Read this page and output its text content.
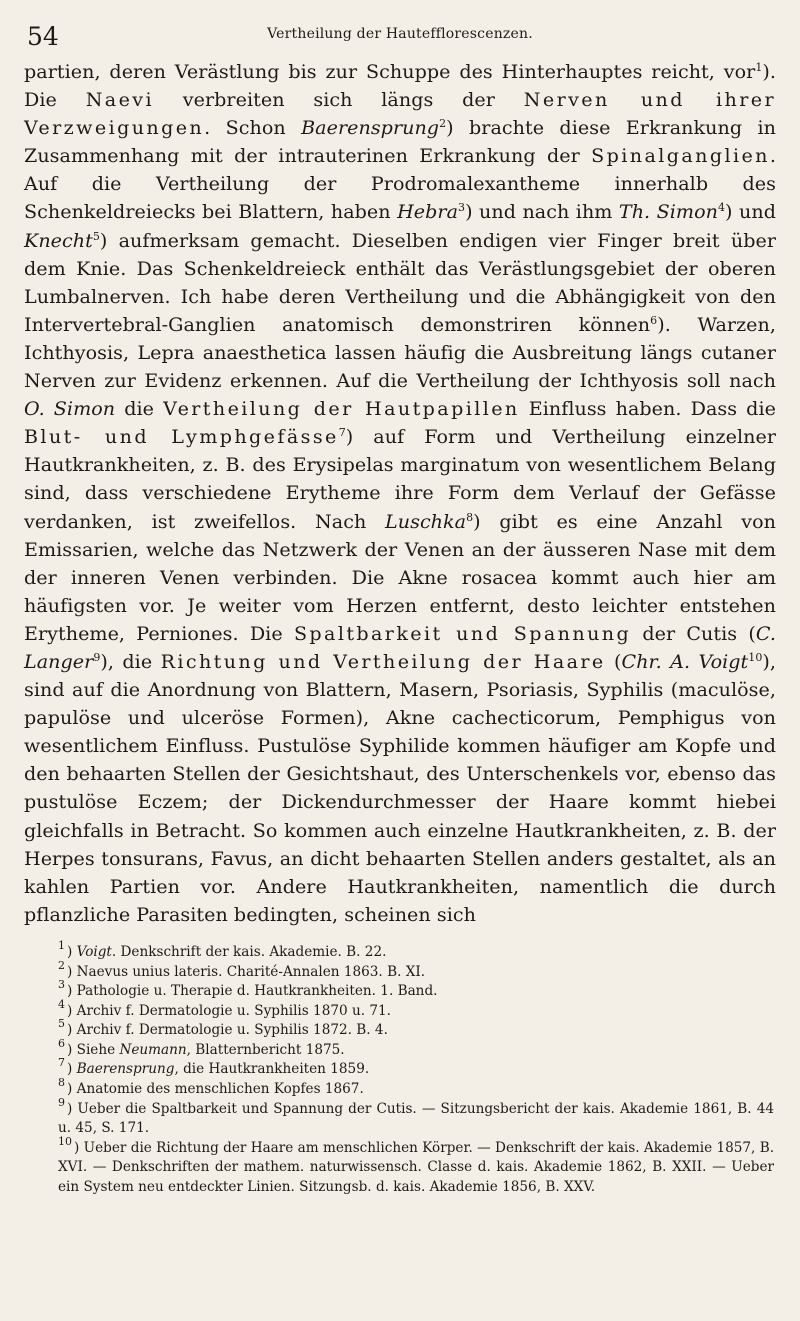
54	Vertheilung der Hautefflorescenzen.

partien, deren Verästlung bis zur Schuppe des Hinterhauptes reicht, vor$^1$). Die Naevi verbreiten sich längs der Nerven und ihrer Verzweigungen. Schon Baerensprung$^2$) brachte diese Erkrankung in Zusammenhang mit der intrauterinen Erkrankung der Spinalganglien. Auf die Vertheilung der Prodromalexantheme innerhalb des Schenkeldreiecks bei Blattern, haben Hebra$^3$) und nach ihm Th. Simon$^4$) und Knecht$^5$) aufmerksam gemacht. Dieselben endigen vier Finger breit über dem Knie. Das Schenkeldreieck enthält das Verästlungsgebiet der oberen Lumbalnerven. Ich habe deren Vertheilung und die Abhängigkeit von den Intervertebral-Ganglien anatomisch demonstriren können$^6$). Warzen, Ichthyosis, Lepra anaesthetica lassen häufig die Ausbreitung längs cutaner Nerven zur Evidenz erkennen. Auf die Vertheilung der Ichthyosis soll nach O. Simon die Vertheilung der Hautpapillen Einfluss haben. Dass die Blut- und Lymphgefässe$^7$) auf Form und Vertheilung einzelner Hautkrankheiten, z. B. des Erysipelas marginatum von wesentlichem Belang sind, dass verschiedene Erytheme ihre Form dem Verlauf der Gefässe verdanken, ist zweifellos. Nach Luschka$^8$) gibt es eine Anzahl von Emissarien, welche das Netzwerk der Venen an der äusseren Nase mit dem der inneren Venen verbinden. Die Akne rosacea kommt auch hier am häufigsten vor. Je weiter vom Herzen entfernt, desto leichter entstehen Erytheme, Perniones. Die Spaltbarkeit und Spannung der Cutis (C. Langer$^9$), die Richtung und Vertheilung der Haare (Chr. A. Voigt$^{10}$), sind auf die Anordnung von Blattern, Masern, Psoriasis, Syphilis (maculöse, papulöse und ulceröse Formen), Akne cachecticorum, Pemphigus von wesentlichem Einfluss. Pustulöse Syphilide kommen häufiger am Kopfe und den behaarten Stellen der Gesichtshaut, des Unterschenkels vor, ebenso das pustulöse Eczem; der Dickendurchmesser der Haare kommt hiebei gleichfalls in Betracht. So kommen auch einzelne Hautkrankheiten, z. B. der Herpes tonsurans, Favus, an dicht behaarten Stellen anders gestaltet, als an kahlen Partien vor. Andere Hautkrankheiten, namentlich die durch pflanzliche Parasiten bedingten, scheinen sich

$^1$ ) Voigt. Denkschrift der kais. Akademie. B. 22.

$^2$ ) Naevus unius lateris. Charité-Annalen 1863. B. XI.

$^3$ ) Pathologie u. Therapie d. Hautkrankheiten. 1. Band.

$^4$ ) Archiv f. Dermatologie u. Syphilis 1870 u. 71.

$^5$ ) Archiv f. Dermatologie u. Syphilis 1872. B. 4.

$^6$ ) Siehe Neumann, Blatternbericht 1875.

$^7$ ) Baerensprung, die Hautkrankheiten 1859.

$^8$ ) Anatomie des menschlichen Kopfes 1867.

$^9$ ) Ueber die Spaltbarkeit und Spannung der Cutis. — Sitzungsbericht der kais. Akademie 1861, B. 44 u. 45, S. 171.

$^{10}$ ) Ueber die Richtung der Haare am menschlichen Körper. — Denkschrift der kais. Akademie 1857, B. XVI. — Denkschriften der mathem. naturwissensch. Classe d. kais. Akademie 1862, B. XXII. — Ueber ein System neu entdeckter Linien. Sitzungsb. d. kais. Akademie 1856, B. XXV.
